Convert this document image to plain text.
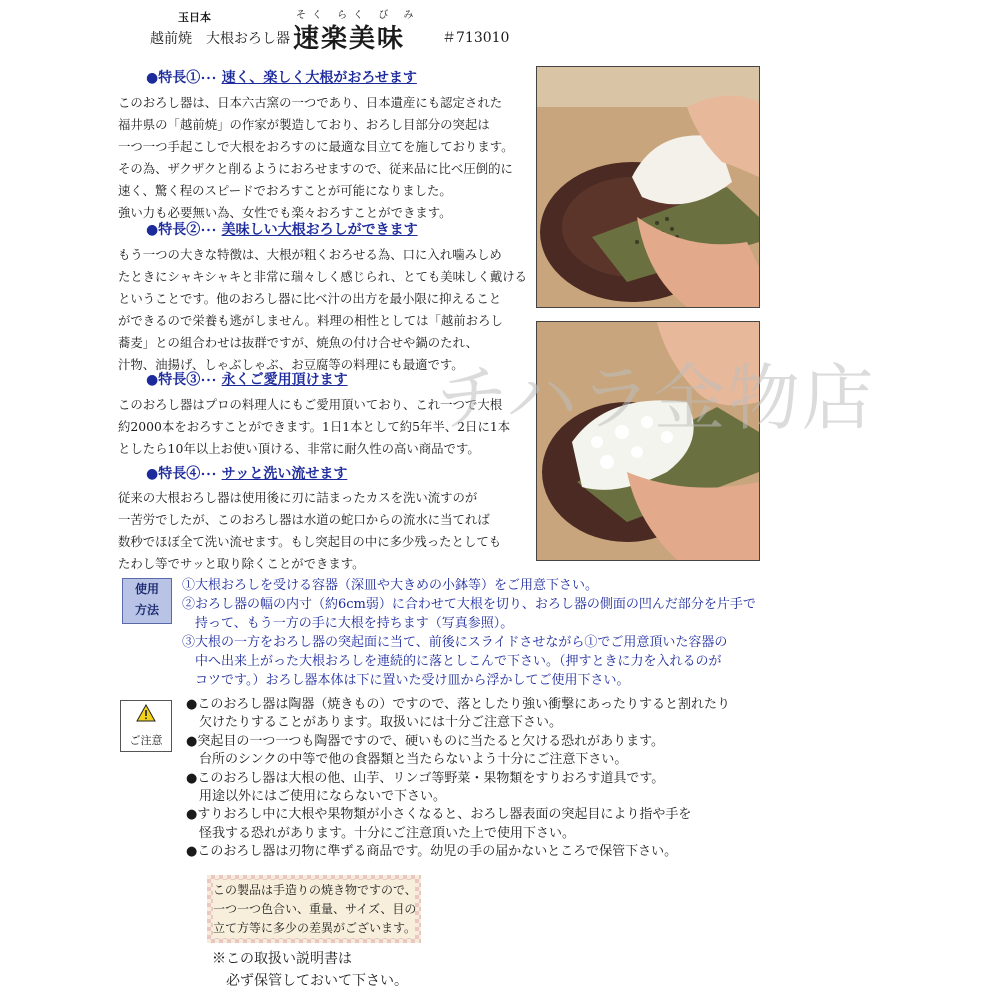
玉日本
越前焼　大根おろし器
そく らく び み
速楽美味	＃713010
●特長①･･･ 速く、楽しく大根がおろせます
このおろし器は、日本六古窯の一つであり、日本遺産にも認定された
福井県の「越前焼」の作家が製造しており、おろし目部分の突起は
一つ一つ手起こしで大根をおろすのに最適な目立てを施しております。
その為、ザクザクと削るようにおろせますので、従来品に比べ圧倒的に
速く、驚く程のスピードでおろすことが可能になりました。
強い力も必要無い為、女性でも楽々おろすことができます。
●特長②･･･ 美味しい大根おろしができます
もう一つの大きな特徴は、大根が粗くおろせる為、口に入れ噛みしめ
たときにシャキシャキと非常に瑞々しく感じられ、とても美味しく戴ける
ということです。他のおろし器に比べ汁の出方を最小限に抑えること
ができるので栄養も逃がしません。料理の相性としては「越前おろし
蕎麦」との組合わせは抜群ですが、焼魚の付け合せや鍋のたれ、
汁物、油揚げ、しゃぶしゃぶ、お豆腐等の料理にも最適です。
●特長③･･･ 永くご愛用頂けます
このおろし器はプロの料理人にもご愛用頂いており、これ一つで大根
約2000本をおろすことができます。1日1本として約5年半、2日に1本
としたら10年以上お使い頂ける、非常に耐久性の高い商品です。
●特長④･･･ サッと洗い流せます
従来の大根おろし器は使用後に刃に詰まったカスを洗い流すのが
一苦労でしたが、このおろし器は水道の蛇口からの流水に当てれば
数秒でほぼ全て洗い流せます。もし突起目の中に多少残ったとしても
たわし等でサッと取り除くことができます。
チハラ金物店
使用
方法
①大根おろしを受ける容器（深皿や大きめの小鉢等）をご用意下さい。
②おろし器の幅の内寸（約6cm弱）に合わせて大根を切り、おろし器の側面の凹んだ部分を片手で
　持って、もう一方の手に大根を持ちます（写真参照）。
③大根の一方をおろし器の突起面に当て、前後にスライドさせながら①でご用意頂いた容器の
　中へ出来上がった大根おろしを連続的に落としこんで下さい。（押すときに力を入れるのが
　コツです。）おろし器本体は下に置いた受け皿から浮かしてご使用下さい。
ご注意
●このおろし器は陶器（焼きもの）ですので、落としたり強い衝撃にあったりすると割れたり
　欠けたりすることがあります。取扱いには十分ご注意下さい。
●突起目の一つ一つも陶器ですので、硬いものに当たると欠ける恐れがあります。
　台所のシンクの中等で他の食器類と当たらないよう十分にご注意下さい。
●このおろし器は大根の他、山芋、リンゴ等野菜・果物類をすりおろす道具です。
　用途以外にはご使用にならないで下さい。
●すりおろし中に大根や果物類が小さくなると、おろし器表面の突起目により指や手を
　怪我する恐れがあります。十分にご注意頂いた上で使用下さい。
●このおろし器は刃物に準ずる商品です。幼児の手の届かないところで保管下さい。
この製品は手造りの焼き物ですので、
一つ一つ色合い、重量、サイズ、目の
立て方等に多少の差異がございます。
※この取扱い説明書は
　必ず保管しておいて下さい。
